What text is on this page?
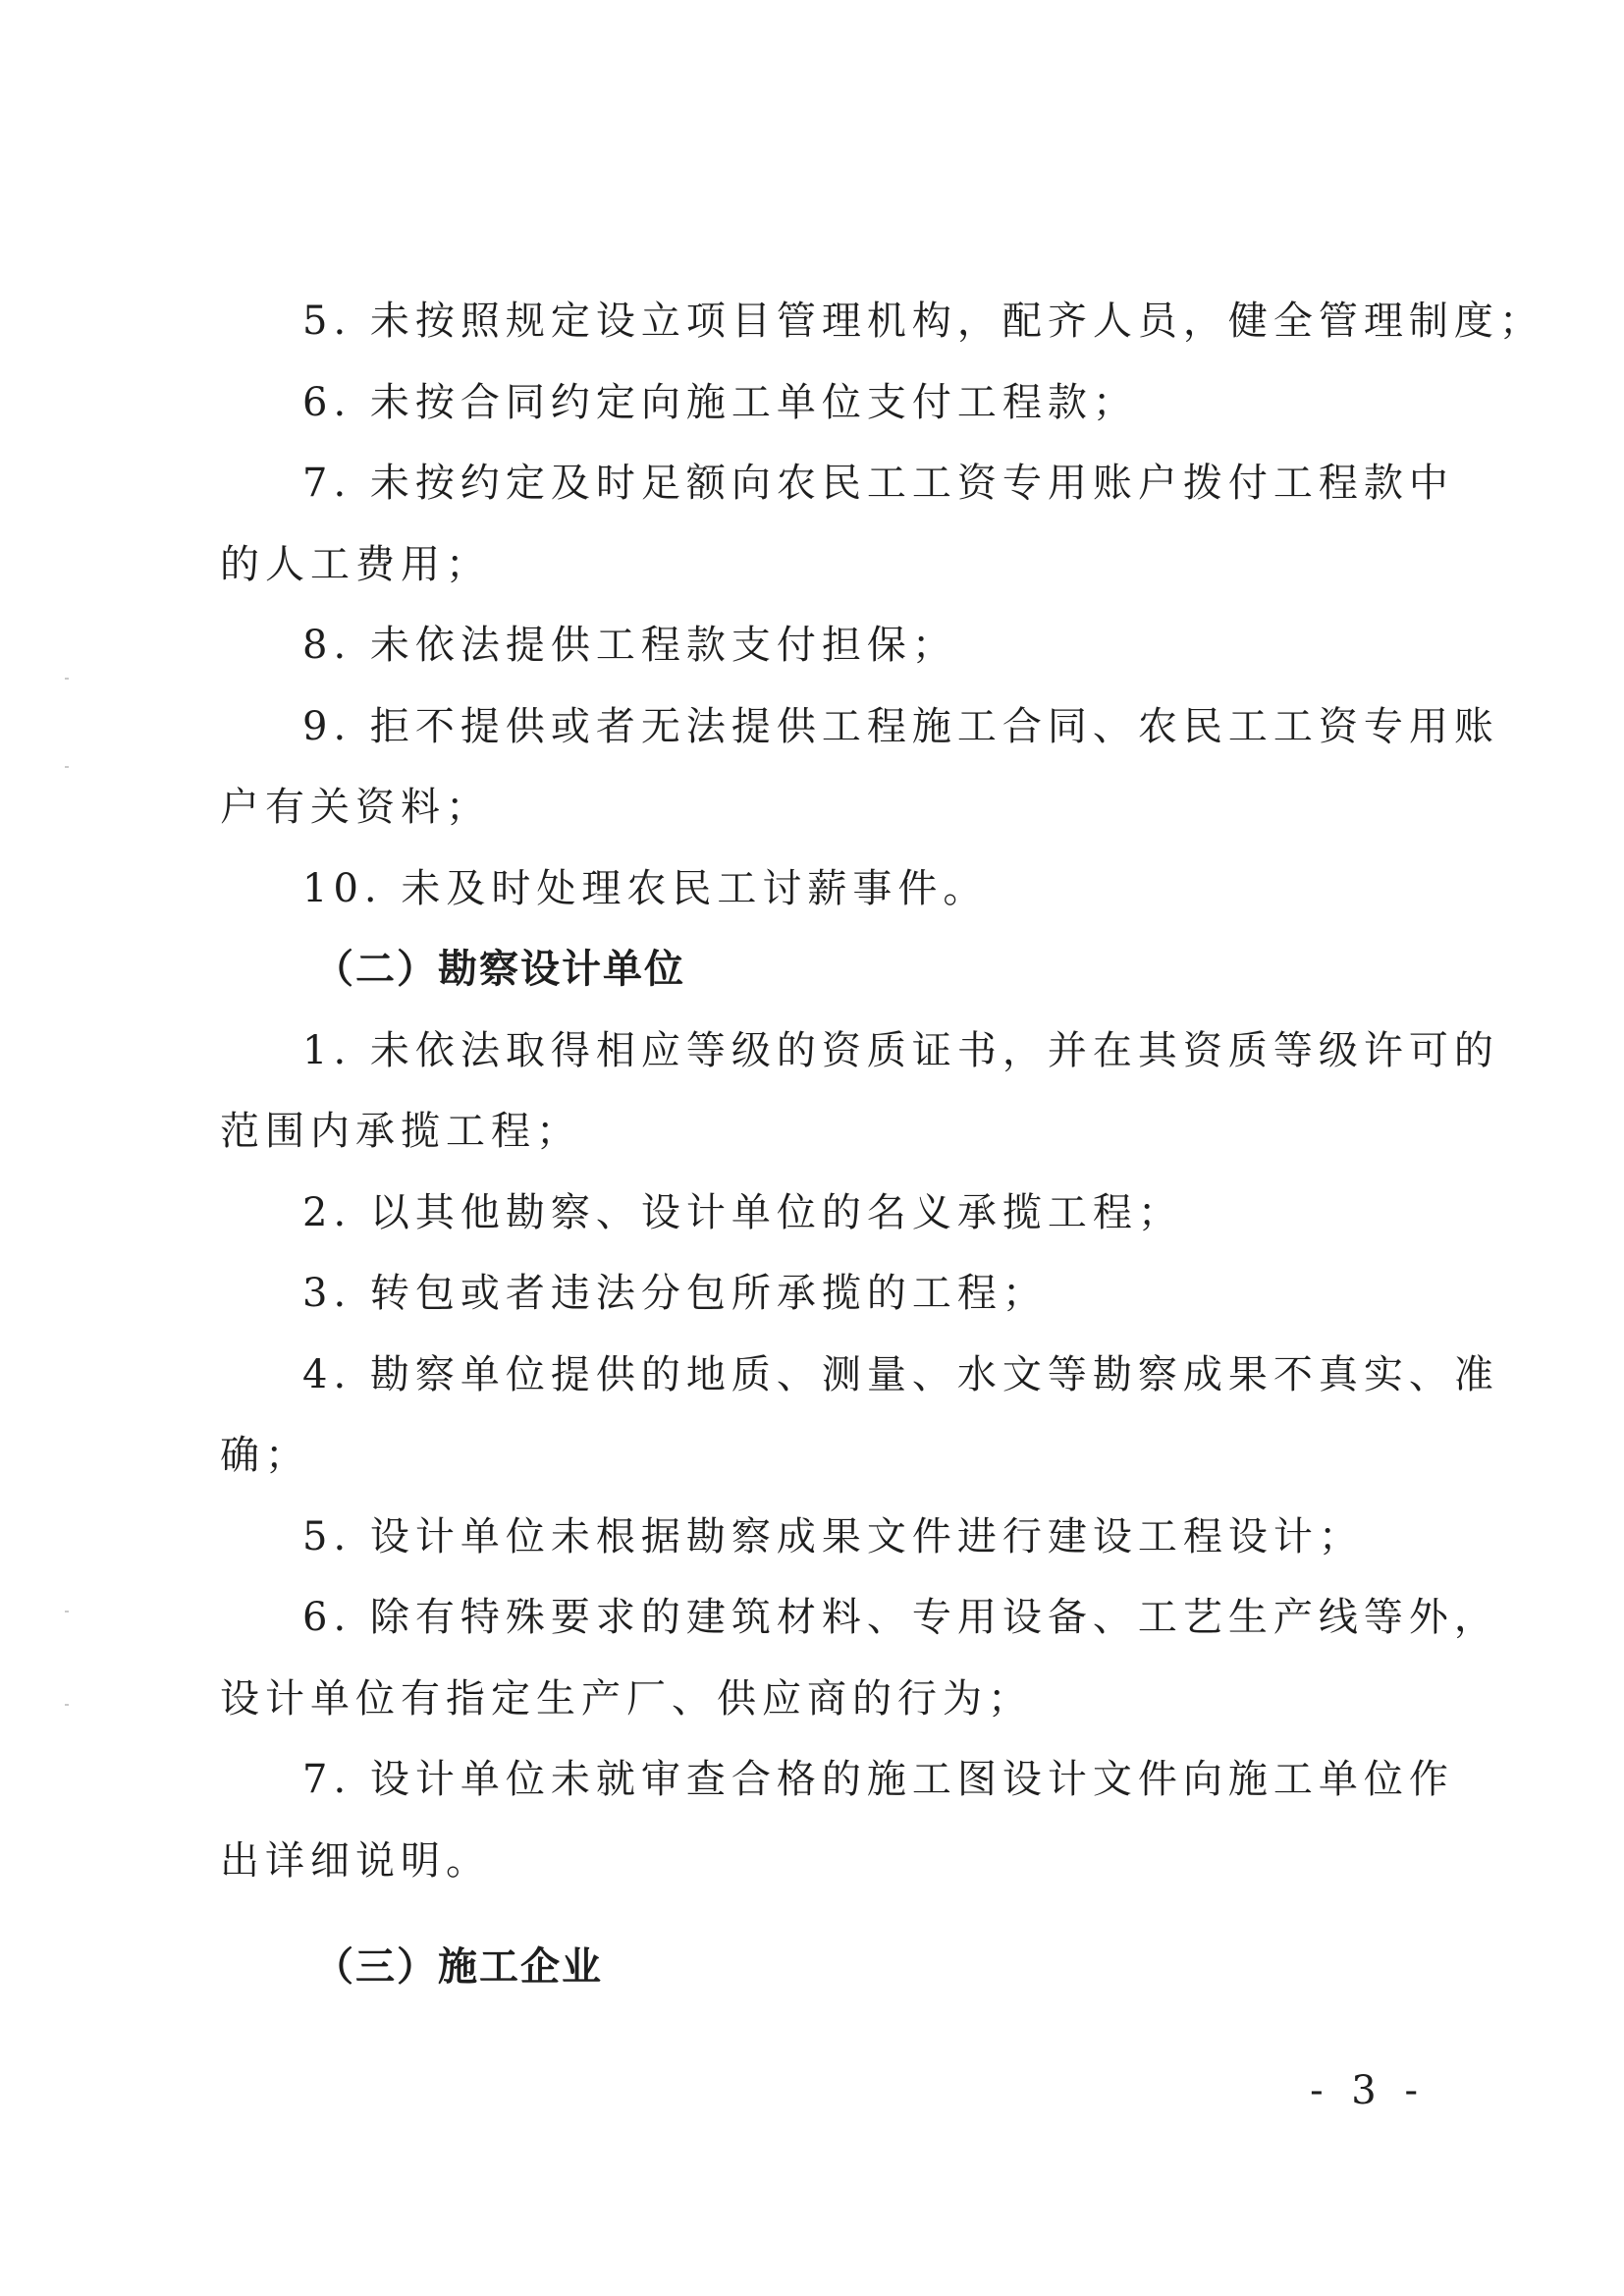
5. 未按照规定设立项目管理机构，配齐人员，健全管理制度；
6. 未按合同约定向施工单位支付工程款；
7. 未按约定及时足额向农民工工资专用账户拨付工程款中
的人工费用；
8. 未依法提供工程款支付担保；
9. 拒不提供或者无法提供工程施工合同、农民工工资专用账
户有关资料；
10. 未及时处理农民工讨薪事件。
（二）勘察设计单位
1. 未依法取得相应等级的资质证书，并在其资质等级许可的
范围内承揽工程；
2. 以其他勘察、设计单位的名义承揽工程；
3. 转包或者违法分包所承揽的工程；
4. 勘察单位提供的地质、测量、水文等勘察成果不真实、准
确；
5. 设计单位未根据勘察成果文件进行建设工程设计；
6. 除有特殊要求的建筑材料、专用设备、工艺生产线等外，
设计单位有指定生产厂、供应商的行为；
7. 设计单位未就审查合格的施工图设计文件向施工单位作
出详细说明。
（三）施工企业
- 3 -
